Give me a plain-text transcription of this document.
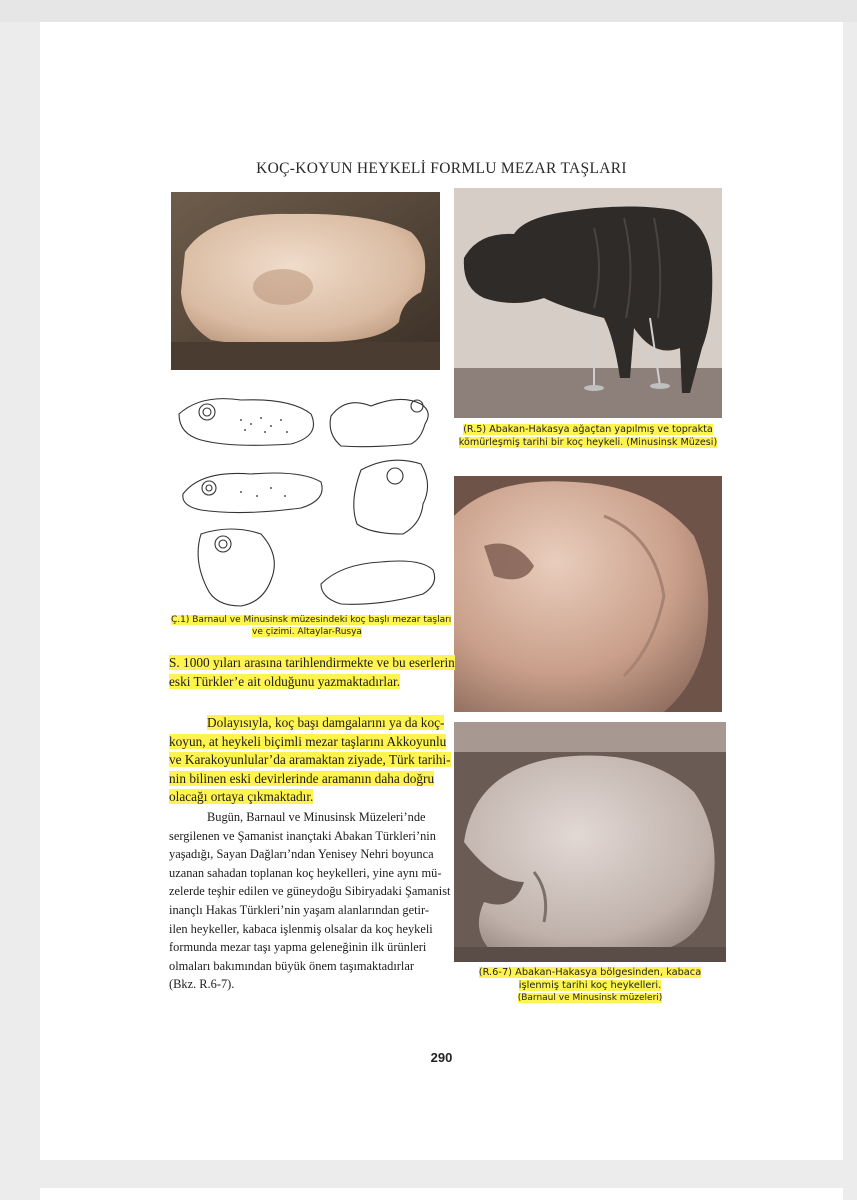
KOÇ-KOYUN HEYKELİ FORMLU MEZAR TAŞLARI
Ç.1) Barnaul ve Minusinsk müzesindeki koç başlı mezar taşları
ve çizimi. Altaylar-Rusya
(R.5) Abakan-Hakasya ağaçtan yapılmış ve toprakta
kömürleşmiş tarihi bir koç heykeli. (Minusinsk Müzesi)
(R.6-7) Abakan-Hakasya bölgesinden, kabaca
işlenmiş tarihi koç heykelleri.
(Barnaul ve Minusinsk müzeleri)
S. 1000 yıları arasına tarihlendirmekte ve bu eserlerin
eski Türkler’e ait olduğunu yazmaktadırlar.
Dolayısıyla, koç başı damgalarını ya da koç-
koyun, at heykeli biçimli mezar taşlarını Akkoyunlu
ve Karakoyunlular’da aramaktan ziyade, Türk tarihi-
nin bilinen eski devirlerinde aramanın daha doğru
olacağı ortaya çıkmaktadır.
Bugün, Barnaul ve Minusinsk Müzeleri’nde
sergilenen ve Şamanist inançtaki Abakan Türkleri’nin
yaşadığı, Sayan Dağları’ndan Yenisey Nehri boyunca
uzanan sahadan toplanan koç heykelleri, yine aynı mü-
zelerde teşhir edilen ve güneydoğu Sibiryadaki Şamanist
inançlı Hakas Türkleri’nin yaşam alanlarından getir-
ilen heykeller, kabaca işlenmiş olsalar da koç heykeli
formunda mezar taşı yapma geleneğinin ilk ürünleri
olmaları bakımından büyük önem taşımaktadırlar
(Bkz. R.6-7).
290
